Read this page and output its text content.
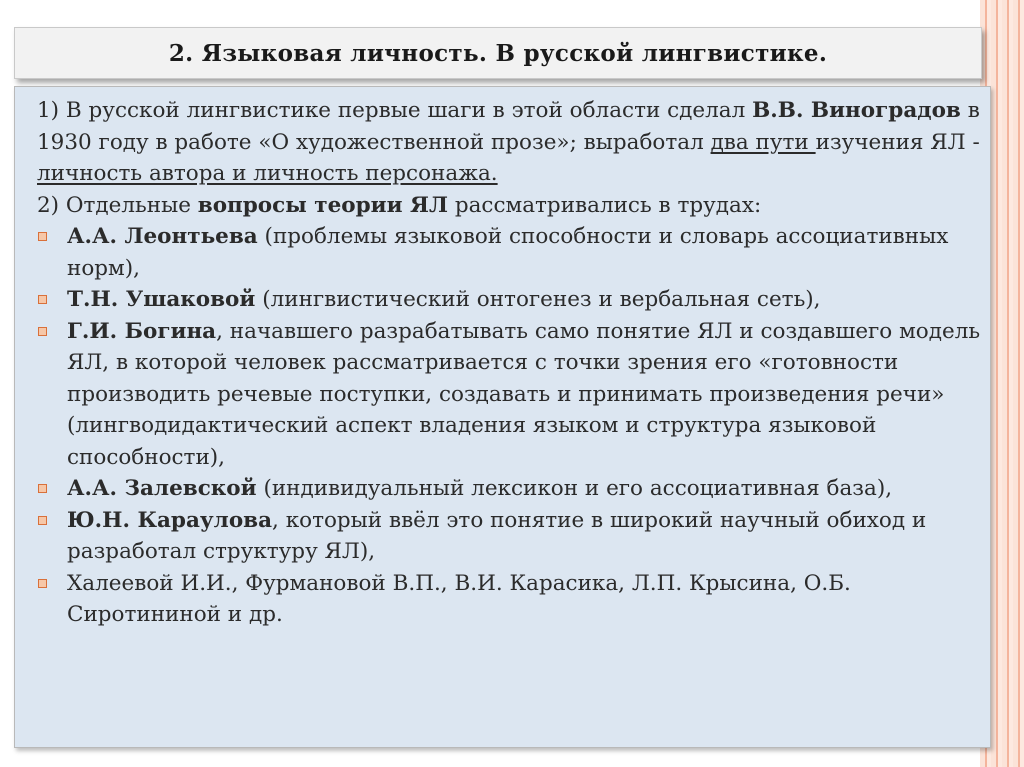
2. Языковая личность. В русской лингвистике.

1) В русской лингвистике первые шаги в этой области сделал В.В. Виноградов в 1930 году в работе «О художественной прозе»; выработал два пути изучения ЯЛ - личность автора и личность персонажа.

2) Отдельные вопросы теории ЯЛ рассматривались в трудах:

А.А. Леонтьева (проблемы языковой способности и словарь ассоциативных норм),

Т.Н. Ушаковой (лингвистический онтогенез и вербальная сеть),

Г.И. Богина, начавшего разрабатывать само понятие ЯЛ и создавшего модель ЯЛ, в которой человек рассматривается с точки зрения его «готовности производить речевые поступки, создавать и принимать произведения речи» (лингводидактический аспект владения языком и структура языковой способности),

А.А. Залевской (индивидуальный лексикон и его ассоциативная база),

Ю.Н. Караулова, который ввёл это понятие в широкий научный обиход и разработал структуру ЯЛ),

Халеевой И.И., Фурмановой В.П., В.И. Карасика, Л.П. Крысина, О.Б. Сиротининой и др.
